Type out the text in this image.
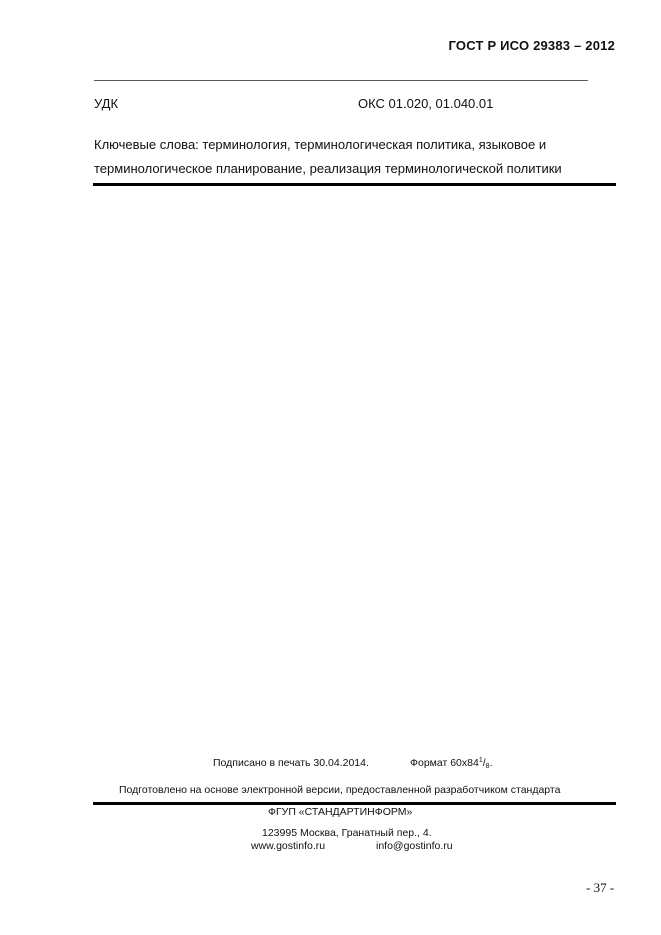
ГОСТ Р ИСО 29383 – 2012
УДК	ОКС 01.020, 01.040.01
Ключевые слова: терминология, терминологическая политика, языковое и
терминологическое планирование, реализация терминологической политики
Подписано в печать 30.04.2014.	Формат $60x84^1/_8$.
Подготовлено на основе электронной версии, предоставленной разработчиком стандарта
ФГУП «СТАНДАРТИНФОРМ»
123995 Москва, Гранатный пер., 4.
www.gostinfo.ru	info@gostinfo.ru
- 37 -
